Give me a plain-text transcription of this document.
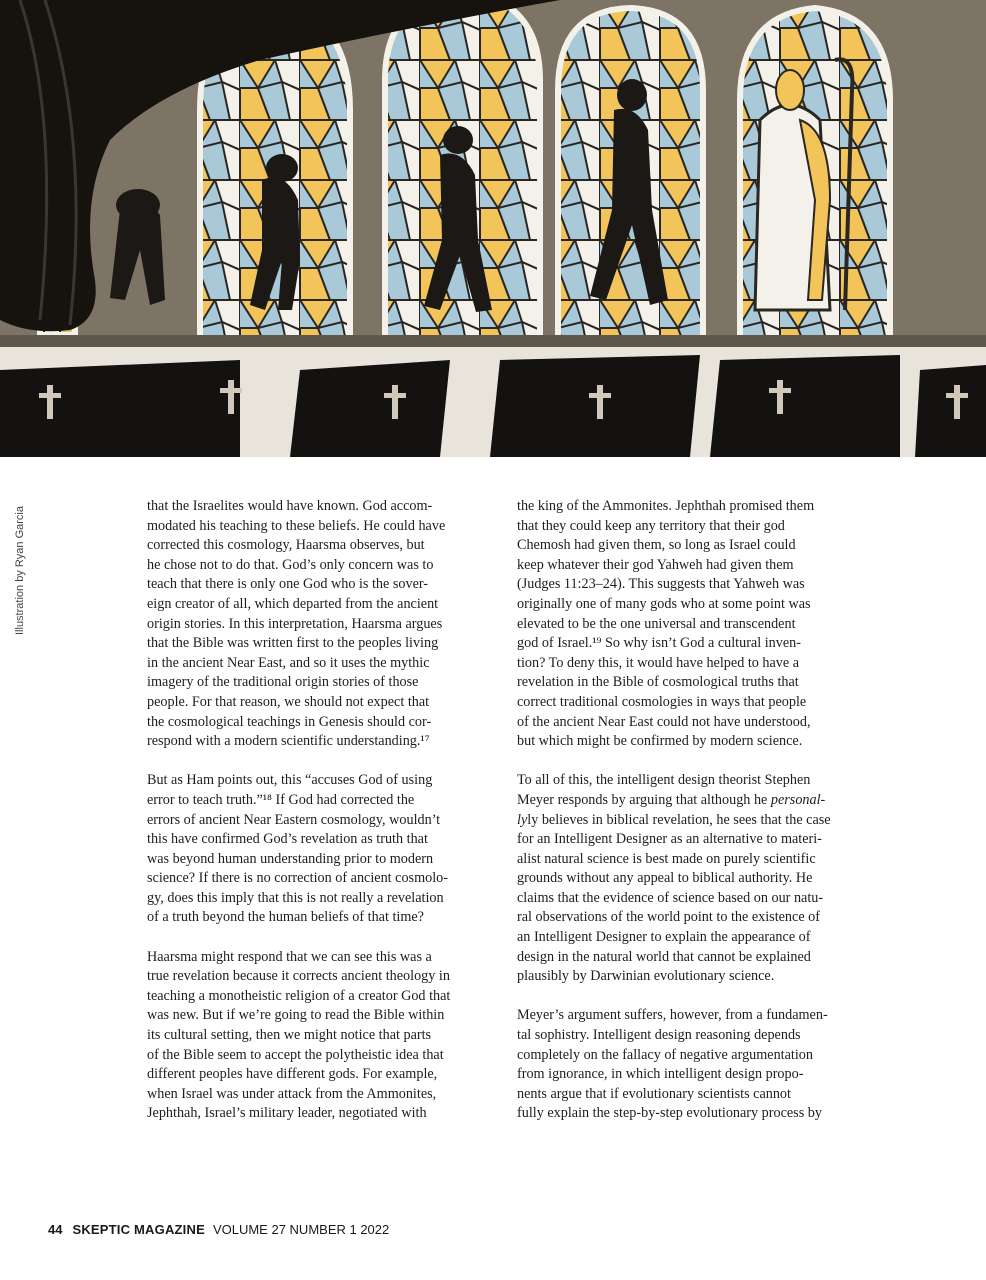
Illustration by Ryan Garcia	that the Israelites would have known. God accom-
modated his teaching to these beliefs. He could have
corrected this cosmology, Haarsma observes, but
he chose not to do that. God’s only concern was to
teach that there is only one God who is the sover-
eign creator of all, which departed from the ancient
origin stories. In this interpretation, Haarsma argues
that the Bible was written first to the peoples living
in the ancient Near East, and so it uses the mythic
imagery of the traditional origin stories of those
people. For that reason, we should not expect that
the cosmological teachings in Genesis should cor-
respond with a modern scientific understanding.¹⁷
But as Ham points out, this “accuses God of using
error to teach truth.”¹⁸ If God had corrected the
errors of ancient Near Eastern cosmology, wouldn’t
this have confirmed God’s revelation as truth that
was beyond human understanding prior to modern
science? If there is no correction of ancient cosmolo-
gy, does this imply that this is not really a revelation
of a truth beyond the human beliefs of that time?
Haarsma might respond that we can see this was a
true revelation because it corrects ancient theology in
teaching a monotheistic religion of a creator God that
was new. But if we’re going to read the Bible within
its cultural setting, then we might notice that parts
of the Bible seem to accept the polytheistic idea that
different peoples have different gods. For example,
when Israel was under attack from the Ammonites,
Jephthah, Israel’s military leader, negotiated with
the king of the Ammonites. Jephthah promised them
that they could keep any territory that their god
Chemosh had given them, so long as Israel could
keep whatever their god Yahweh had given them
(Judges 11:23–24). This suggests that Yahweh was
originally one of many gods who at some point was
elevated to be the one universal and transcendent
god of Israel.¹⁹ So why isn’t God a cultural inven-
tion? To deny this, it would have helped to have a
revelation in the Bible of cosmological truths that
correct traditional cosmologies in ways that people
of the ancient Near East could not have understood,
but which might be confirmed by modern science.
To all of this, the intelligent design theorist Stephen
Meyer responds by arguing that although he personal-
lyly believes in biblical revelation, he sees that the case
for an Intelligent Designer as an alternative to materi-
alist natural science is best made on purely scientific
grounds without any appeal to biblical authority. He
claims that the evidence of science based on our natu-
ral observations of the world point to the existence of
an Intelligent Designer to explain the appearance of
design in the natural world that cannot be explained
plausibly by Darwinian evolutionary science.
Meyer’s argument suffers, however, from a fundamen-
tal sophistry. Intelligent design reasoning depends
completely on the fallacy of negative argumentation
from ignorance, in which intelligent design propo-
nents argue that if evolutionary scientists cannot
fully explain the step-by-step evolutionary process by
44 SKEPTIC MAGAZINE VOLUME 27 NUMBER 1 2022
